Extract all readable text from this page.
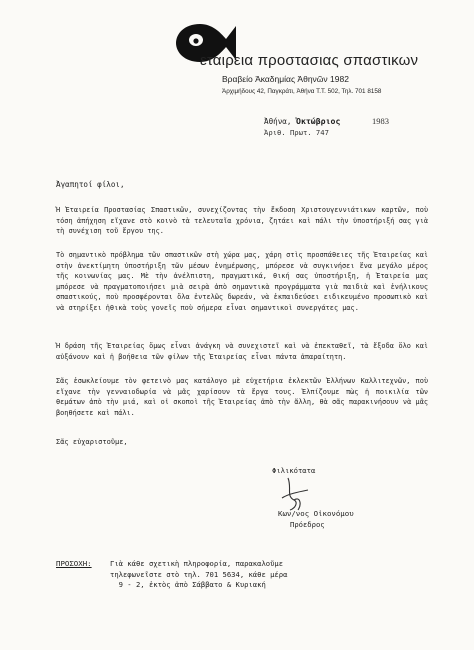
εταιρεια προστασιας σπαστικων
Βραβείο Ἀκαδημίας Ἀθηνῶν 1982
Ἀρχιμήδους 42, Παγκράτι, Ἀθήνα Τ.Τ. 502, Τηλ. 701 8158
Ἀθήνα, Ὀκτώβριος	1983
Ἀριθ. Πρωτ. 747
Ἀγαπητοί φίλοι,

Ἡ Ἑταιρεία Προστασίας Σπαστικῶν, συνεχίζοντας τὴν ἔκδοση Χριστουγεννιάτικων καρτῶν, ποὺ τόση ἀπήχηση εἴχανε στὸ κοινὸ τὰ τελευταῖα χρόνια, ζητάει καὶ πάλι τὴν ὑποστήριξή σας γιὰ τὴ συνέχιση τοῦ ἔργου της.

Τὸ σημαντικὸ πρόβλημα τῶν σπαστικῶν στὴ χώρα μας, χάρη στὶς προσπάθειες τῆς Ἑταιρείας καὶ στὴν ἀνεκτίμητη ὑποστήριξη τῶν μέσων ἐνημέρωσης, μπόρεσε νὰ συγκινήσει ἕνα μεγάλο μέρος τῆς κοινωνίας μας. Μὲ τὴν ἀνέλπιστη, πραγματικά, θική σας ὑποστήριξη, ἡ Ἑταιρεία μας μπόρεσε νὰ πραγματοποιήσει μιὰ σειρὰ ἀπὸ σημαντικὰ προγράμματα γιὰ παιδιὰ καὶ ἐνήλικους σπαστικούς, ποὺ προσφέρονται ὅλα ἐντελῶς δωρεάν, νὰ ἐκπαιδεύσει ειδικευμένο προσωπικὸ καὶ νὰ στηρίξει ἠθικὰ τοὺς γονεῖς ποὺ σήμερα εἶναι σημαντικοὶ συνεργάτες μας.

Ἡ δράση τῆς Ἑταιρείας ὅμως εἶναι ἀνάγκη νὰ συνεχιστεῖ καὶ νὰ ἐπεκταθεῖ, τὰ ἔξοδα ὅλο καὶ αὐξάνουν καὶ ἡ βοήθεια τῶν φίλων τῆς Ἑταιρείας εἶναι πάντα ἀπαραίτητη.

Σᾶς ἐσωκλείουμε τὸν φετεινὸ μας κατάλογο μὲ εὐχετήρια ἐκλεκτῶν Ἑλλήνων Καλλιτεχνῶν, ποὺ εἴχανε τὴν γενναιοδωρία νὰ μᾶς χαρίσουν τὰ ἔργα τους. Ἐλπίζουμε πὼς ἡ ποικιλία τῶν θεμάτων ἀπὸ τὴν μιά, καὶ οἱ σκοποὶ τῆς Ἑταιρείας ἀπὸ τὴν ἄλλη, θὰ σᾶς παρακινήσουν νὰ μᾶς βοηθήσετε καὶ πάλι.

Σᾶς εὐχαριστοῦμε,
Φιλικότατα
Κων/νος Οἰκονόμου
Πρόεδρος
ΠΡΟΣΟΧΗ:	Γιὰ κάθε σχετικὴ πληροφορία, παρακαλοῦμε
τηλεφωνεῖστε στὸ τηλ. 701 5634, κάθε μέρα
9 - 2, ἐκτὸς ἀπὸ Σάββατο & Κυριακή
